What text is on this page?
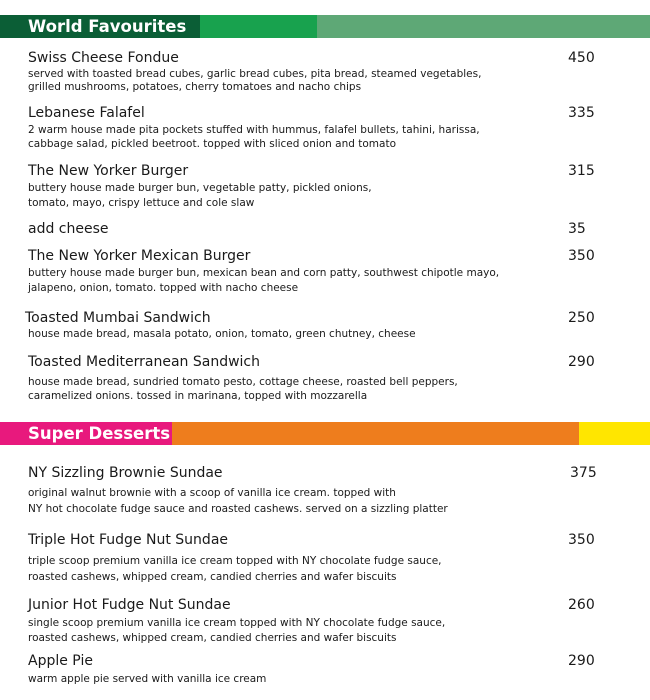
World Favourites
Swiss Cheese Fondue	450
served with toasted bread cubes, garlic bread cubes, pita bread, steamed vegetables,
grilled mushrooms, potatoes, cherry tomatoes and nacho chips
Lebanese Falafel	335
2 warm house made pita pockets stuffed with hummus, falafel bullets, tahini, harissa,
cabbage salad, pickled beetroot. topped with sliced onion and tomato
The New Yorker Burger	315
buttery house made burger bun, vegetable patty, pickled onions,
tomato, mayo, crispy lettuce and cole slaw
add cheese	35
The New Yorker Mexican Burger	350
buttery house made burger bun, mexican bean and corn patty, southwest chipotle mayo,
jalapeno, onion, tomato. topped with nacho cheese
Toasted Mumbai Sandwich	250
house made bread, masala potato, onion, tomato, green chutney, cheese
Toasted Mediterranean Sandwich	290
house made bread, sundried tomato pesto, cottage cheese, roasted bell peppers,
caramelized onions. tossed in marinana, topped with mozzarella
Super Desserts
NY Sizzling Brownie Sundae	375
original walnut brownie with a scoop of vanilla ice cream. topped with
NY hot chocolate fudge sauce and roasted cashews. served on a sizzling platter
Triple Hot Fudge Nut Sundae	350
triple scoop premium vanilla ice cream topped with NY chocolate fudge sauce,
roasted cashews, whipped cream, candied cherries and wafer biscuits
Junior Hot Fudge Nut Sundae	260
single scoop premium vanilla ice cream topped with NY chocolate fudge sauce,
roasted cashews, whipped cream, candied cherries and wafer biscuits
Apple Pie	290
warm apple pie served with vanilla ice cream
